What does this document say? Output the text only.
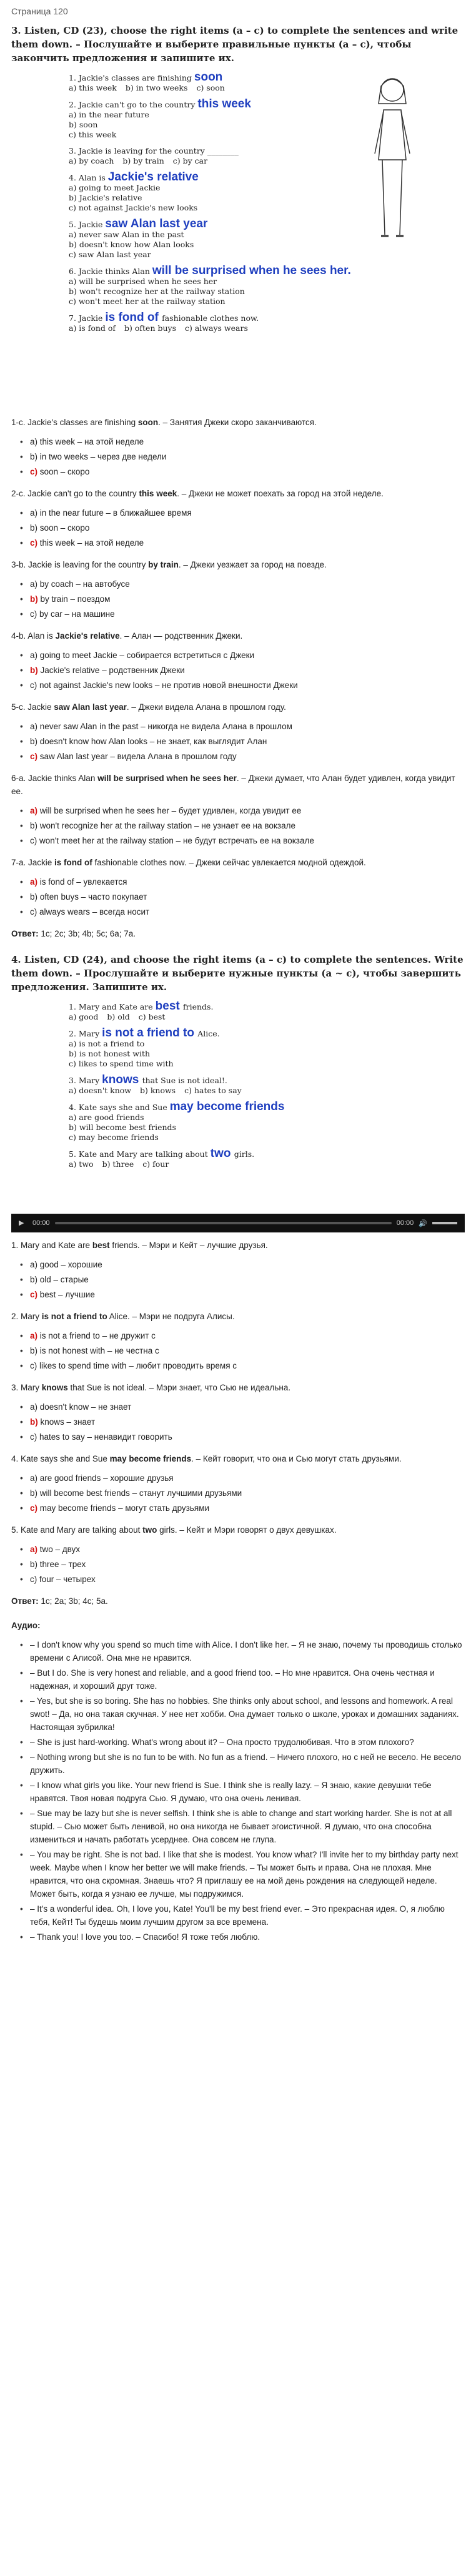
Страница 120
3. Listen, CD (23), choose the right items (a – c) to complete the sentences and write them down. – Послушайте и выберите правильные пункты (а – с), чтобы закончить предложения и запишите их.
1. Jackie's classes are finishing soon
a) this week b) in two weeks c) soon
2. Jackie can't go to the country this week
a) in the near future
b) soon
c) this week
3. Jackie is leaving for the country ________
a) by coach b) by train c) by car
4. Alan is Jackie's relative
a) going to meet Jackie
b) Jackie's relative
c) not against Jackie's new looks
5. Jackie saw Alan last year
a) never saw Alan in the past
b) doesn't know how Alan looks
c) saw Alan last year
6. Jackie thinks Alan will be surprised when he sees her.
a) will be surprised when he sees her
b) won't recognize her at the railway station
c) won't meet her at the railway station
7. Jackie is fond of fashionable clothes now.
a) is fond of b) often buys c) always wears

1-c. Jackie's classes are finishing soon. – Занятия Джеки скоро заканчиваются.

• a) this week – на этой неделе
• b) in two weeks – через две недели
• c) soon – скоро

2-c. Jackie can't go to the country this week. – Джеки не может поехать за город на этой неделе.

• a) in the near future – в ближайшее время
• b) soon – скоро
• c) this week – на этой неделе

3-b. Jackie is leaving for the country by train. – Джеки уезжает за город на поезде.

• a) by coach – на автобусе
• b) by train – поездом
• c) by car – на машине

4-b. Alan is Jackie's relative. – Алан — родственник Джеки.

• a) going to meet Jackie – собирается встретиться с Джеки
• b) Jackie's relative – родственник Джеки
• c) not against Jackie's new looks – не против новой внешности Джеки

5-c. Jackie saw Alan last year. – Джеки видела Алана в прошлом году.

• a) never saw Alan in the past – никогда не видела Алана в прошлом
• b) doesn't know how Alan looks – не знает, как выглядит Алан
• c) saw Alan last year – видела Алана в прошлом году

6-a. Jackie thinks Alan will be surprised when he sees her. – Джеки думает, что Алан будет удивлен, когда увидит ее.

• a) will be surprised when he sees her – будет удивлен, когда увидит ее
• b) won't recognize her at the railway station – не узнает ее на вокзале
• c) won't meet her at the railway station – не будут встречать ее на вокзале

7-a. Jackie is fond of fashionable clothes now. – Джеки сейчас увлекается модной одеждой.

• a) is fond of – увлекается
• b) often buys – часто покупает
• c) always wears – всегда носит

Ответ: 1c; 2c; 3b; 4b; 5c; 6a; 7a.

4. Listen, CD (24), and choose the right items (a – c) to complete the sentences. Write them down. – Прослушайте и выберите нужные пункты (а ~ с), чтобы завершить предложения. Запишите их.
1. Mary and Kate are best friends.
a) good b) old c) best
2. Mary is not a friend to Alice.
a) is not a friend to
b) is not honest with
c) likes to spend time with
3. Mary knows that Sue is not ideal!.
a) doesn't know b) knows c) hates to say
4. Kate says she and Sue may become friends
a) are good friends
b) will become best friends
c) may become friends
5. Kate and Mary are talking about two girls.
a) two b) three c) four
▶	00:00	00:00 🔊

1. Mary and Kate are best friends. – Мэри и Кейт – лучшие друзья.

• a) good – хорошие
• b) old – старые
• c) best – лучшие

2. Mary is not a friend to Alice. – Мэри не подруга Алисы.

• a) is not a friend to – не дружит с
• b) is not honest with – не честна с
• c) likes to spend time with – любит проводить время с

3. Mary knows that Sue is not ideal. – Мэри знает, что Сью не идеальна.

• a) doesn't know – не знает
• b) knows – знает
• c) hates to say – ненавидит говорить

4. Kate says she and Sue may become friends. – Кейт говорит, что она и Сью могут стать друзьями.

• a) are good friends – хорошие друзья
• b) will become best friends – станут лучшими друзьями
• c) may become friends – могут стать друзьями

5. Kate and Mary are talking about two girls. – Кейт и Мэри говорят о двух девушках.

• a) two – двух
• b) three – трех
• c) four – четырех

Ответ: 1c; 2a; 3b; 4c; 5a.

Аудио:

• – I don't know why you spend so much time with Alice. I don't like her. – Я не знаю, почему ты проводишь столько времени с Алисой. Она мне не нравится.
• – But I do. She is very honest and reliable, and a good friend too. – Но мне нравится. Она очень честная и надежная, и хороший друг тоже.
• – Yes, but she is so boring. She has no hobbies. She thinks only about school, and lessons and homework. A real swot! – Да, но она такая скучная. У нее нет хобби. Она думает только о школе, уроках и домашних заданиях. Настоящая зубрилка!
• – She is just hard-working. What's wrong about it? – Она просто трудолюбивая. Что в этом плохого?
• – Nothing wrong but she is no fun to be with. No fun as a friend. – Ничего плохого, но с ней не весело. Не весело дружить.
• – I know what girls you like. Your new friend is Sue. I think she is really lazy. – Я знаю, какие девушки тебе нравятся. Твоя новая подруга Сью. Я думаю, что она очень ленивая.
• – Sue may be lazy but she is never selfish. I think she is able to change and start working harder. She is not at all stupid. – Сью может быть ленивой, но она никогда не бывает эгоистичной. Я думаю, что она способна измениться и начать работать усерднее. Она совсем не глупа.
• – You may be right. She is not bad. I like that she is modest. You know what? I'll invite her to my birthday party next week. Maybe when I know her better we will make friends. – Ты может быть и права. Она не плохая. Мне нравится, что она скромная. Знаешь что? Я приглашу ее на мой день рождения на следующей неделе. Может быть, когда я узнаю ее лучше, мы подружимся.
• – It's a wonderful idea. Oh, I love you, Kate! You'll be my best friend ever. – Это прекрасная идея. О, я люблю тебя, Кейт! Ты будешь моим лучшим другом за все времена.
• – Thank you! I love you too. – Спасибо! Я тоже тебя люблю.
